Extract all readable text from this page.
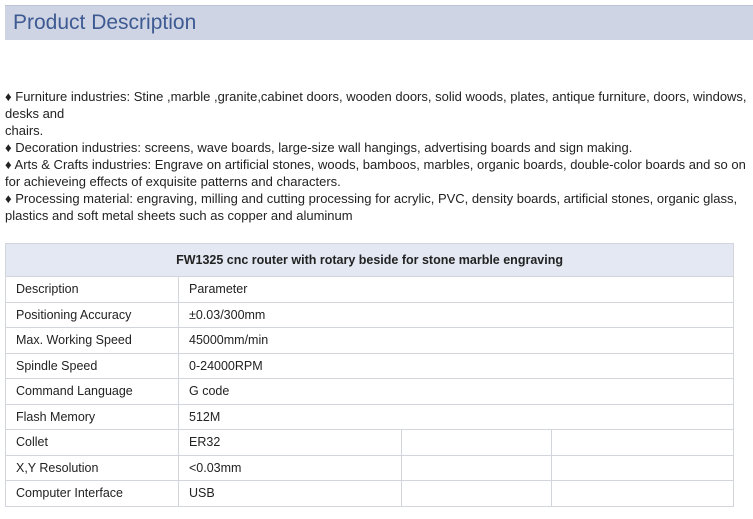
Product Description

♦ Furniture industries: Stine ,marble ,granite,cabinet doors, wooden doors, solid woods, plates, antique furniture, doors, windows, desks and

chairs.

♦ Decoration industries: screens, wave boards, large-size wall hangings, advertising boards and sign making.

♦ Arts & Crafts industries: Engrave on artificial stones, woods, bamboos, marbles, organic boards, double-color boards and so on for achieveing effects of exquisite patterns and characters.

♦ Processing material: engraving, milling and cutting processing for acrylic, PVC, density boards, artificial stones, organic glass, plastics and soft metal sheets such as copper and aluminum

FW1325 cnc router with rotary beside for stone marble engraving			
Description	Parameter		
Positioning Accuracy	±0.03/300mm		
Max. Working Speed	45000mm/min		
Spindle Speed	0-24000RPM		
Command Language	G code		
Flash Memory	512M		
Collet	ER32		
X,Y Resolution	<0.03mm		
Computer Interface	USB		
